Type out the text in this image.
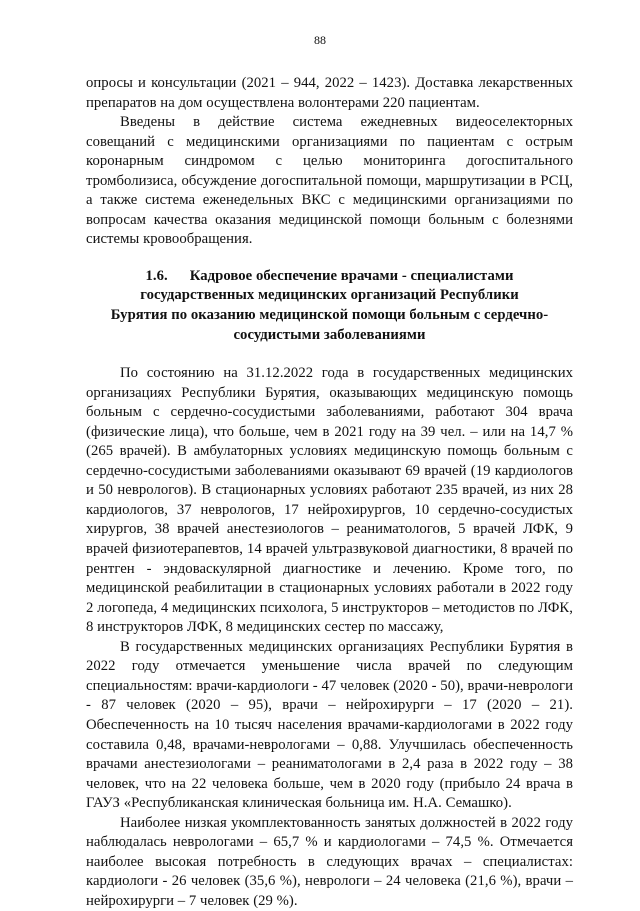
88

опросы и консультации (2021 – 944, 2022 – 1423). Доставка лекарственных препаратов на дом осуществлена волонтерами 220 пациентам.

Введены в действие система ежедневных видеоселекторных совещаний с медицинскими организациями по пациентам с острым коронарным синдромом с целью мониторинга догоспитального тромболизиса, обсуждение догоспитальной помощи, маршрутизации в РСЦ, а также система еженедельных ВКС с медицинскими организациями по вопросам качества оказания медицинской помощи больным с болезнями системы кровообращения.

1.6. Кадровое обеспечение врачами - специалистами
государственных медицинских организаций Республики
Бурятия по оказанию медицинской помощи больным с сердечно-
сосудистыми заболеваниями

По состоянию на 31.12.2022 года в государственных медицинских организациях Республики Бурятия, оказывающих медицинскую помощь больным с сердечно-сосудистыми заболеваниями, работают 304 врача (физические лица), что больше, чем в 2021 году на 39 чел. – или на 14,7 % (265 врачей). В амбулаторных условиях медицинскую помощь больным с сердечно-сосудистыми заболеваниями оказывают 69 врачей (19 кардиологов и 50 неврологов). В стационарных условиях работают 235 врачей, из них 28 кардиологов, 37 неврологов, 17 нейрохирургов, 10 сердечно-сосудистых хирургов, 38 врачей анестезиологов – реаниматологов, 5 врачей ЛФК, 9 врачей физиотерапевтов, 14 врачей ультразвуковой диагностики, 8 врачей по рентген - эндоваскулярной диагностике и лечению. Кроме того, по медицинской реабилитации в стационарных условиях работали в 2022 году 2 логопеда, 4 медицинских психолога, 5 инструкторов – методистов по ЛФК, 8 инструкторов ЛФК, 8 медицинских сестер по массажу,

В государственных медицинских организациях Республики Бурятия в 2022 году отмечается уменьшение числа врачей по следующим специальностям: врачи-кардиологи - 47 человек (2020 - 50), врачи-неврологи - 87 человек (2020 – 95), врачи – нейрохирурги – 17 (2020 – 21). Обеспеченность на 10 тысяч населения врачами-кардиологами в 2022 году составила 0,48, врачами-неврологами – 0,88. Улучшилась обеспеченность врачами анестезиологами – реаниматологами в 2,4 раза в 2022 году – 38 человек, что на 22 человека больше, чем в 2020 году (прибыло 24 врача в ГАУЗ «Республиканская клиническая больница им. Н.А. Семашко).

Наиболее низкая укомплектованность занятых должностей в 2022 году наблюдалась неврологами – 65,7 % и кардиологами – 74,5 %. Отмечается наиболее высокая потребность в следующих врачах – специалистах: кардиологи - 26 человек (35,6 %), неврологи – 24 человека (21,6 %), врачи – нейрохирурги – 7 человек (29 %).
